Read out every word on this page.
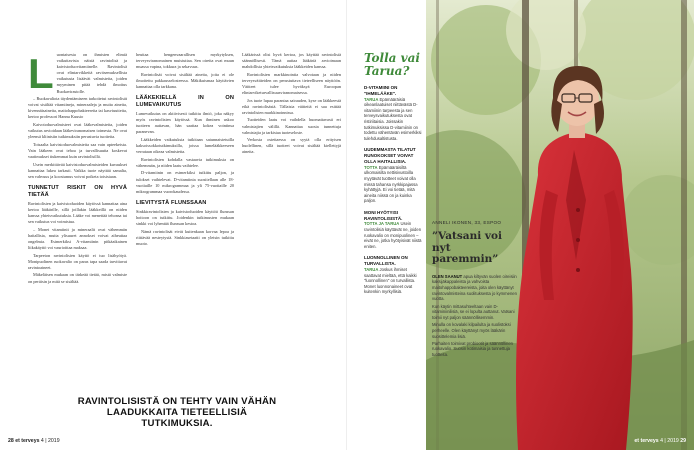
L uontaisesta on ihmisten elimiä vaikuttavista näistä ravintolisä ja kaivistoduovitamiinelle. Ravintolisä ovat elintarvikkeitä ravitsemuksellista vaikutusta lisäävät valmisteita, joiden myyminen pitää tehdä ilmoitus Ruokavirastolle.

– Ruokavaliota täydentämiseen tarkoitetut ravintolisät voivat sisältää vitamiineja, mineraaleja ja muita aineita, kivennäisaineita, maitohappobakteereita tai kasviuutteita, kertoo professori Hannu Kuusio

Kaivotoduovalmisteet ovat lääkevalmisteita, joiden vaikutus arvioidaan lääkeviranomaisen toimesta. Ne ovat yleensä kliinisiin tutkimuksiin perustuvia tuotteita.

Toisaalta kaivistoduovalmisteita saa vain apteekeista. Vain lääkeen ovat tehoa ja turvallisuutta koskevat vaatimukset tiukemmat kuin ravintolisillä.

Usein merkittävää kaivistoduovalmisteiden kuvaukset kannattaa lukea tarkasti. Vaikka tuote näyttää samalta, sen vahvuus ja koostumus voivat poiketa toisistaan.

TUNNETUT RISKIT ON HYVÄ TIETÄÄ

Ravintolisien ja kaivistoduoiden käytössä kannattaa aina kertoa lääkärille, sillä joillakin lääkkeillä on niiden kanssa yhteisvaikutuksia. Lääke voi menettää tehonsa tai sen vaikutus voi voimistua.

– Monet vitamiinit ja mineraalit ovat vähemmän haitallisia, mutta ylisuuret annokset voivat aiheuttaa ongelmia. Esimerkiksi A-vitamiinin pitkäaikainen liikakäyttö voi vaurioittaa maksaa.

Tarpeeton ravintolisien käyttö ei tuo lisähyötyä. Monipuolinen ruokavalio on paras tapa saada tarvittavat ravintoaineet.

Mäkeläisen mukaan on tärkeää tietää, mistä valmiste on peräisin ja mitä se sisältää.

heuttaa hengenvaarallisen myrkytyksen, terveysviranomainen muistuttaa. Sen oireita ovat muun muassa vapina, tokkura ja sekavuus.

Ravintolisät voivat sisältää aineita, joita ei ole ilmoitettu pakkausselosteessa. Mäkikuismaa käyttävien kannattaa olla tarkkana.

LÄÄKEKIELLÄ IN ON LUMEVAIKUTUS

Lumevaikutus on aktiivisesti tutkittu ilmiö, joka näkyy myös ravintolisien käytössä. Kun ihminen uskoo tuotteen auttavan, hän saattaa kokea vointinsa paranevan.

Lääkkeiden vaikutuksia tutkitaan satunnaistetuilla kaksoissokkotutkimuksilla, joissa lumelääkkeeseen verrataan oikeaa valmistetta.

Ravintolisien kohdalla vastaavia tutkimuksia on vähemmän, ja niiden laatu vaihtelee.

D-vitamiinin on esimerkiksi tutkittu paljon, ja tulokset vaihtelevat. D-vitamiinia suositellaan alle 18-vuotiaille 10 mikrogrammaa ja yli 75-vuotiaille 20 mikrogrammaa vuorokaudessa.

LIEVITYSTÄ FLUNSSAAN

Sinkkiravintolisien ja kaivistoduoiden käyttöä flunssan hoitoon on tutkittu. Joidenkin tutkimusten mukaan sinkki voi lyhentää flunssan kestoa.

Nämä ravintolisät eivät kuitenkaan korvaa lepoa ja riittävää nesteytystä. Sinkkiasetaatti on yleisin tutkittu muoto.

Lääkärissä olisi hyvä kertoa, jos käyttää ravintolisiä säännöllisesti. Tämä auttaa lääkäriä arvioimaan mahdollisia yhteisvaikutuksia lääkkeiden kanssa.

Ravintolisien markkinointia valvotaan ja niiden terveysväitteiden on perustuttava tieteelliseen näyttöön. Väitteet tulee hyväksyä Euroopan elintarviketurvallisuusviranomaisessa.

Jos tuote lupaa parantaa sairauden, kyse on lääkkeestä eikä ravintolisästä. Tällaisia väitteitä ei saa esittää ravintolisien markkinoinnissa.

Tuotteiden laatu voi vaihdella huomattavasti eri valmistajien välillä. Kannattaa suosia tunnettuja valmistajia ja tarkistaa tuoteseloste.

Verkosta ostettaessa on syytä olla erityisen huolellinen, sillä tuotteet voivat sisältää kiellettyjä aineita.

RAVINTOLISISTÄ ON TEHTY VAIN VÄHÄN LAADUKKAITA TIETEELLISIÄ TUTKIMUKSIA.
28 et terveys 4 | 2019
Tolla vai Tarua?
D-VITAMIINI ON "IHMELÄÄKE".
TARUA Epämääräisiä oikeanlaatuiset niittävästä D-vitamiinin tarpeesta ja sen terveysvaikutuksesta ovat ristiriitaisia. Joissakin tutkimuksissa D-vitamiinin on todettu vähentävän esimerkiksi tulehdusaltistusta.
UUDEMMASTA TILATUT RUNOKOKSET VOIVAT OLLA HAITALLISIA.
TOTTA Epämääräisiltä ulkomaisilta nettisivustoilla myytävät tuotteet voivat olla missä tahansa nyrkkipajassa kyhättyjä. Ei voi tietää, mitä aineita niissä on ja kuinka paljon.
MONI HYÖTYISI RAVINTOLISISTÄ.
TOTTA JA TARUA Usein ravintolisiä käyttävät ne, joiden ruokavalio on monipuolinen – eivät ne, jotka hyötyisivät niistä eniten.
LUONNOLLINEN ON TURVALLISTA.
TARUA Joskus ihmiset saattavat mieltää, että kaikki "luonnollinen" on turvallista. Monet luonnonaineet ovat kuitenkin myrkyllisiä.
ANNELI IKONEN, 33, ESPOO
”Vatsani voi nyt paremmin”

OLEN SAANUT apua kiltyvän suolen oireisiin kaksijäkappaleista ja vahvoista maitohappobakteereista, joita olen käyttänyt ravintovalmisteina suolituksesta jo kymmenen vuotta.

Kun käytin mittasuhteeltaan vain D-vitaminiinilisiä, se ei lopulta auttanut. Vatsani toimii nyt paljon säännöllisemmin.

Minulla on kovalaki kilpailulta ja suolistoksi perheelle. Olen käyttänyt myös lääkärin suosittelemia lisiä.

Parhaiten toimivat probiootit ja säännöllinen ruokavalio. Suosin kotimaisia ja tunnettuja tuotteita.

et terveys 4 | 2019 29
